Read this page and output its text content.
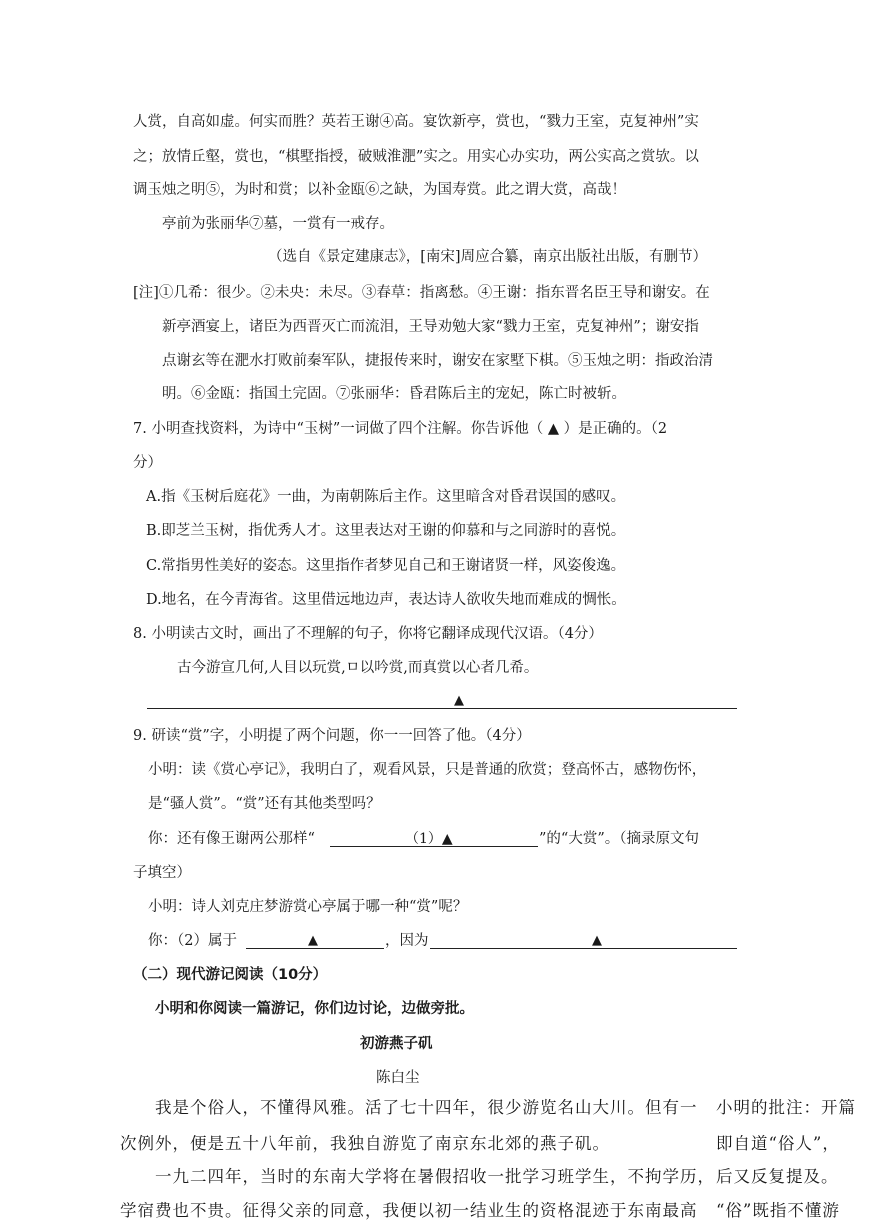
人赏，自高如虚。何实而胜？英若王谢④高。宴饮新亭，赏也，“戮力王室，克复神州”实
之；放情丘壑，赏也，“棋墅指授，破贼淮淝”实之。用实心办实功，两公实高之赏欤。以
调玉烛之明⑤，为时和赏；以补金瓯⑥之缺，为国寿赏。此之谓大赏，高哉！
亭前为张丽华⑦墓，一赏有一戒存。
（选自《景定建康志》，[南宋]周应合纂，南京出版社出版，有删节）
[注]①几希：很少。②未央：未尽。③春草：指离愁。④王谢：指东晋名臣王导和谢安。在
新亭酒宴上，诸臣为西晋灭亡而流泪，王导劝勉大家“戮力王室，克复神州”；谢安指
点谢玄等在淝水打败前秦军队，捷报传来时，谢安在家墅下棋。⑤玉烛之明：指政治清
明。⑥金瓯：指国土完固。⑦张丽华：昏君陈后主的宠妃，陈亡时被斩。
7. 小明查找资料，为诗中“玉树”一词做了四个注解。你告诉他（ ▲ ）是正确的。（2
分）
A.指《玉树后庭花》一曲，为南朝陈后主作。这里暗含对昏君误国的感叹。
B.即芝兰玉树，指优秀人才。这里表达对王谢的仰慕和与之同游时的喜悦。
C.常指男性美好的姿态。这里指作者梦见自己和王谢诸贤一样，风姿俊逸。
D.地名，在今青海省。这里借远地边声，表达诗人欲收失地而难成的惆怅。
8. 小明读古文时，画出了不理解的句子，你将它翻译成现代汉语。（4分）
古今游宣几何,人目以玩赏,ㅁ以吟赏,而真赏以心者几希。
▲
9. 研读“赏”字，小明提了两个问题，你一一回答了他。（4分）
小明：读《赏心亭记》，我明白了，观看风景，只是普通的欣赏；登高怀古，感物伤怀，
是“骚人赏”。“赏”还有其他类型吗？
你：还有像王谢两公那样“	（1）▲	”的“大赏”。（摘录原文句
子填空）
小明：诗人刘克庄梦游赏心亭属于哪一种“赏”呢？
你：（2）属于	▲	，因为	▲
（二）现代游记阅读（10分）
小明和你阅读一篇游记，你们边讨论，边做旁批。
初游燕子矶
陈白尘
我是个俗人，不懂得风雅。活了七十四年，很少游览名山大川。但有一
次例外，便是五十八年前，我独自游览了南京东北郊的燕子矶。
一九二四年，当时的东南大学将在暑假招收一批学习班学生，不拘学历，
学宿费也不贵。征得父亲的同意，我便以初一结业生的资格混迹于东南最高
小明的批注：开篇
即自道“俗人”，
后又反复提及。
“俗”既指不懂游
